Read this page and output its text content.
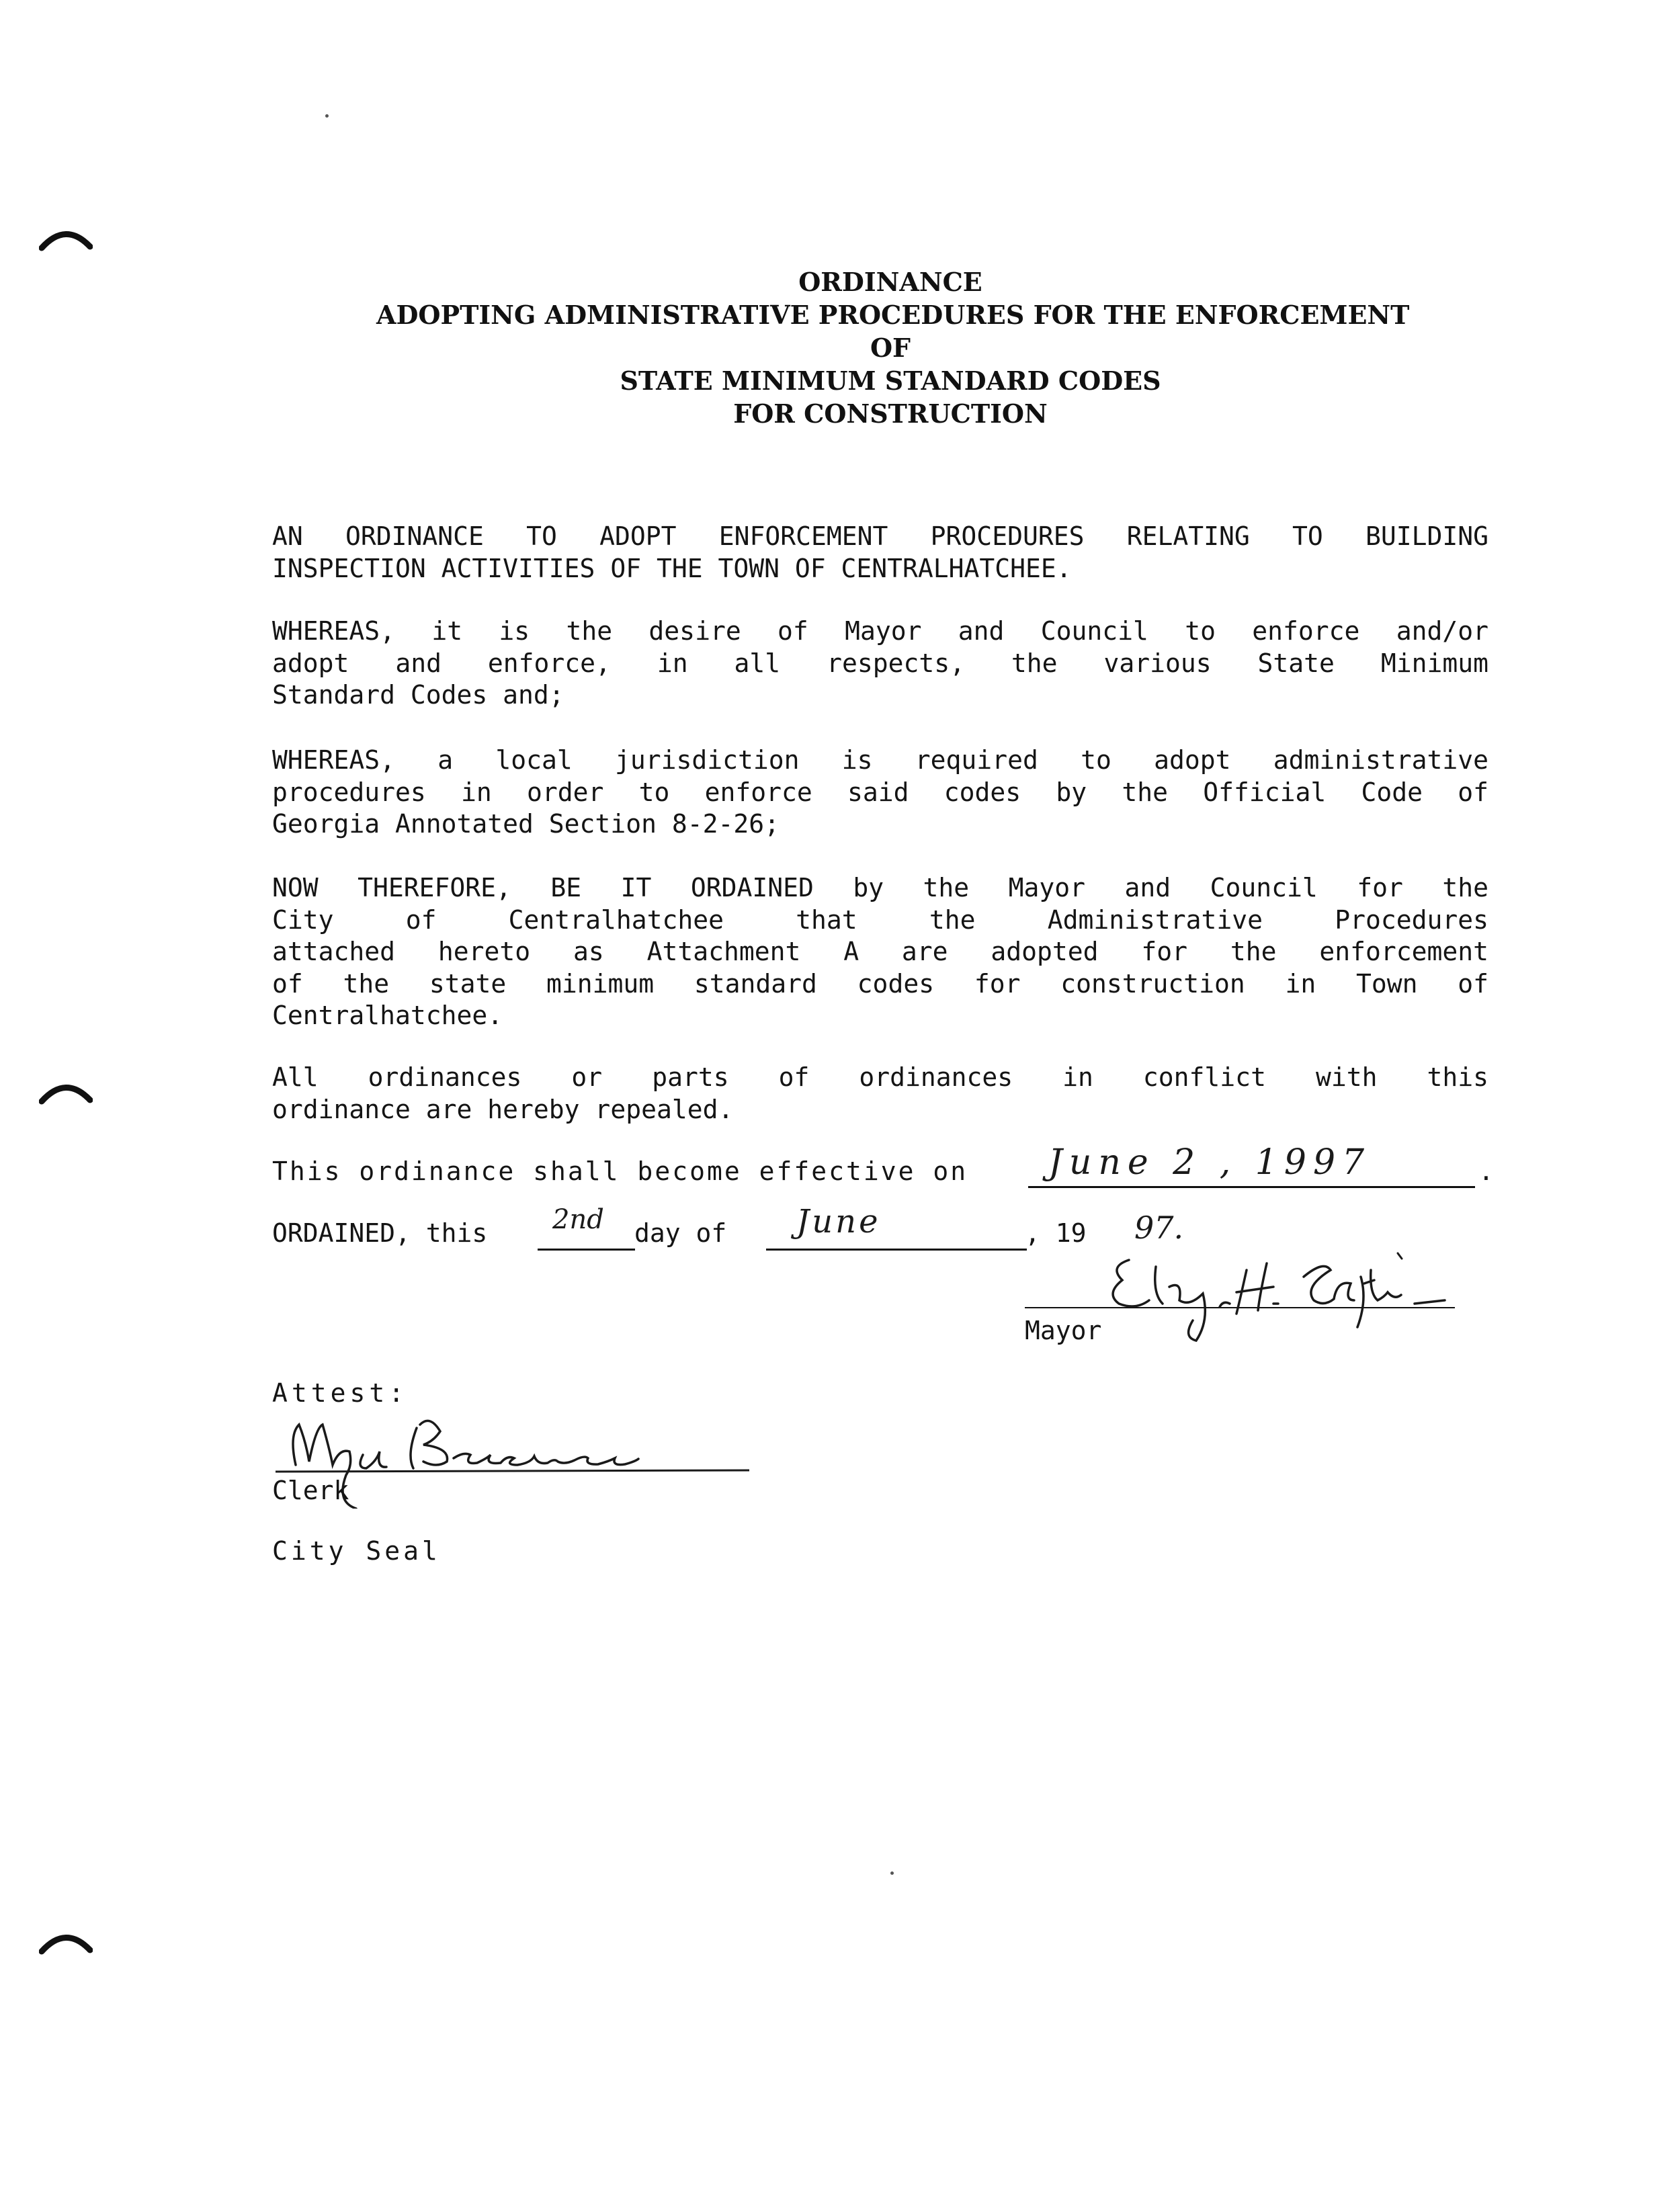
ORDINANCE
ADOPTING ADMINISTRATIVE PROCEDURES FOR THE ENFORCEMENT
OF
STATE MINIMUM STANDARD CODES
FOR CONSTRUCTION
AN ORDINANCE TO ADOPT ENFORCEMENT PROCEDURES RELATING TO BUILDING
INSPECTION ACTIVITIES OF THE TOWN OF CENTRALHATCHEE.
WHEREAS, it is the desire of Mayor and Council to enforce and/or
adopt and enforce, in all respects, the various State Minimum
Standard Codes and;
WHEREAS, a local jurisdiction is required to adopt administrative
procedures in order to enforce said codes by the Official Code of
Georgia Annotated Section 8-2-26;
NOW THEREFORE, BE IT ORDAINED by the Mayor and Council for the
City of Centralhatchee that the Administrative Procedures
attached hereto as Attachment A are adopted for the enforcement
of the state minimum standard codes for construction in Town of
Centralhatchee.
All ordinances or parts of ordinances in conflict with this
ordinance are hereby repealed.
This ordinance shall become effective on June 2 , 1997	.
ORDAINED, this 2nd day of June	, 19 97.
Mayor
Attest:
Clerk
City Seal
